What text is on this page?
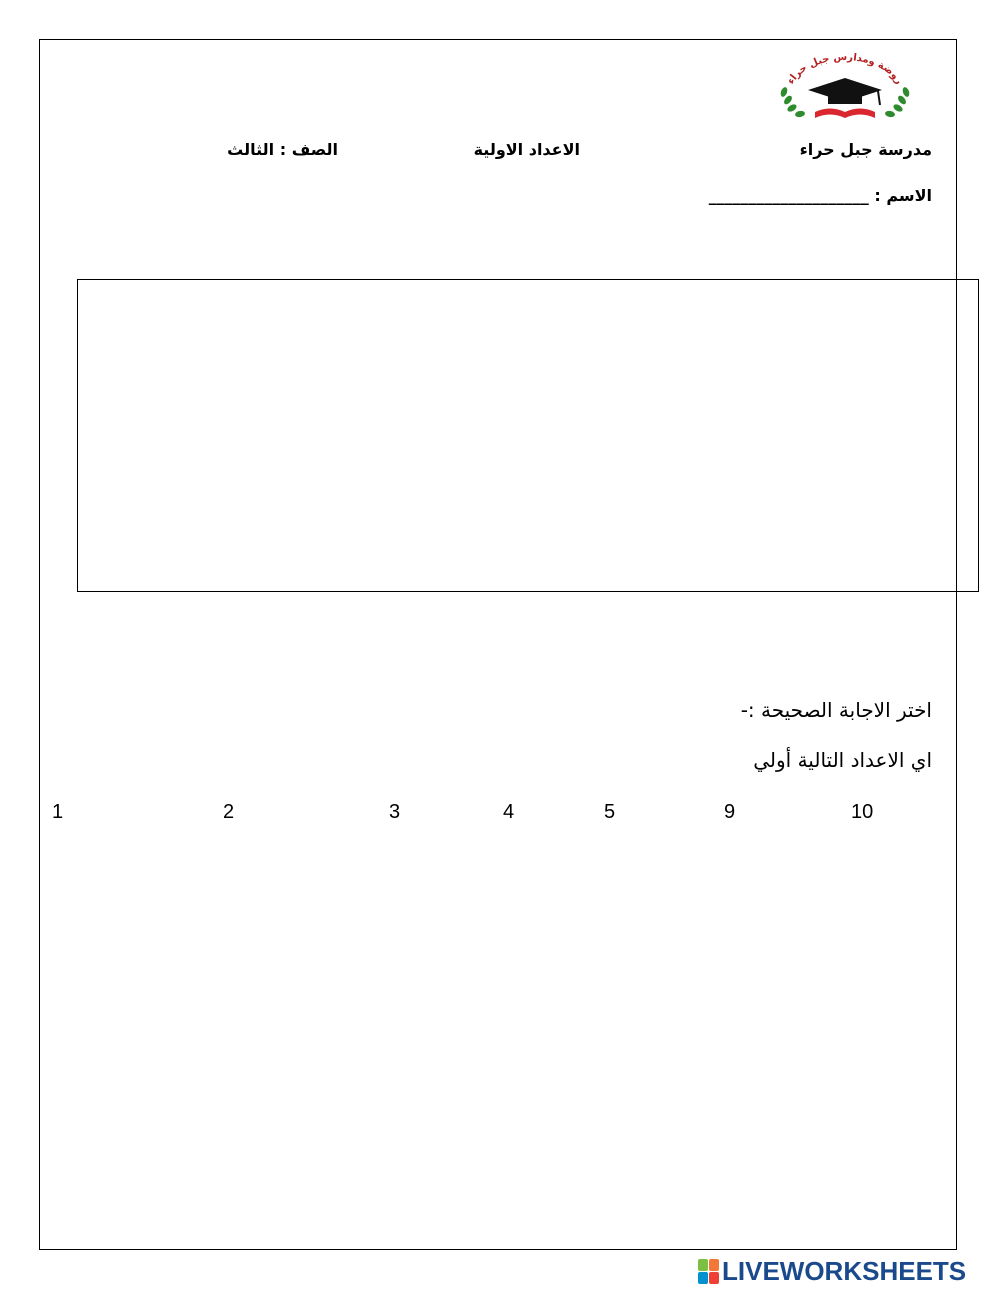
روضة ومدارس جبل حراء
مدرسة جبل حراء
الاعداد الاولية
الصف : الثالث
الاسم : ____________________
اختر الاجابة الصحيحة :-
اي الاعداد التالية أولي
1	2	3	4	5	9	10
LIVEWORKSHEETS
